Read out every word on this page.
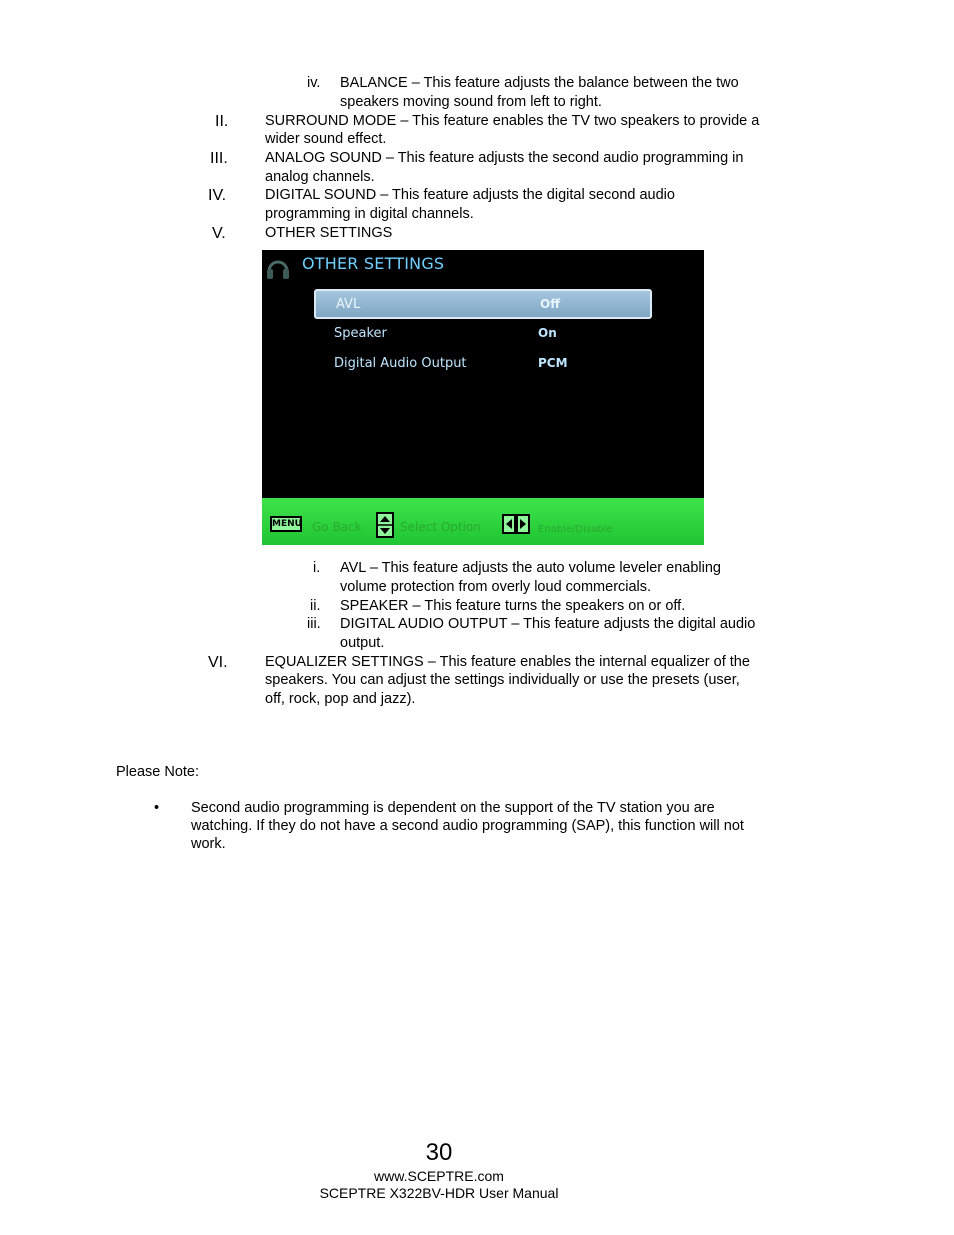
iv. BALANCE – This feature adjusts the balance between the two
speakers moving sound from left to right.
II.	SURROUND MODE – This feature enables the TV two speakers to provide a
wider sound effect.
III.	ANALOG SOUND – This feature adjusts the second audio programming in
analog channels.
IV.	DIGITAL SOUND – This feature adjusts the digital second audio
programming in digital channels.
V.	OTHER SETTINGS
OTHER SETTINGS
AVL	Off
Speaker	On
Digital Audio Output	PCM
MENU Go Back	Select Option	Enable/Disable
i. AVL – This feature adjusts the auto volume leveler enabling
volume protection from overly loud commercials.
ii. SPEAKER – This feature turns the speakers on or off.
iii. DIGITAL AUDIO OUTPUT – This feature adjusts the digital audio
output.
VI.	EQUALIZER SETTINGS – This feature enables the internal equalizer of the
speakers. You can adjust the settings individually or use the presets (user,
off, rock, pop and jazz).
Please Note:
• Second audio programming is dependent on the support of the TV station you are
watching. If they do not have a second audio programming (SAP), this function will not
work.
30
www.SCEPTRE.com
SCEPTRE X322BV-HDR User Manual
